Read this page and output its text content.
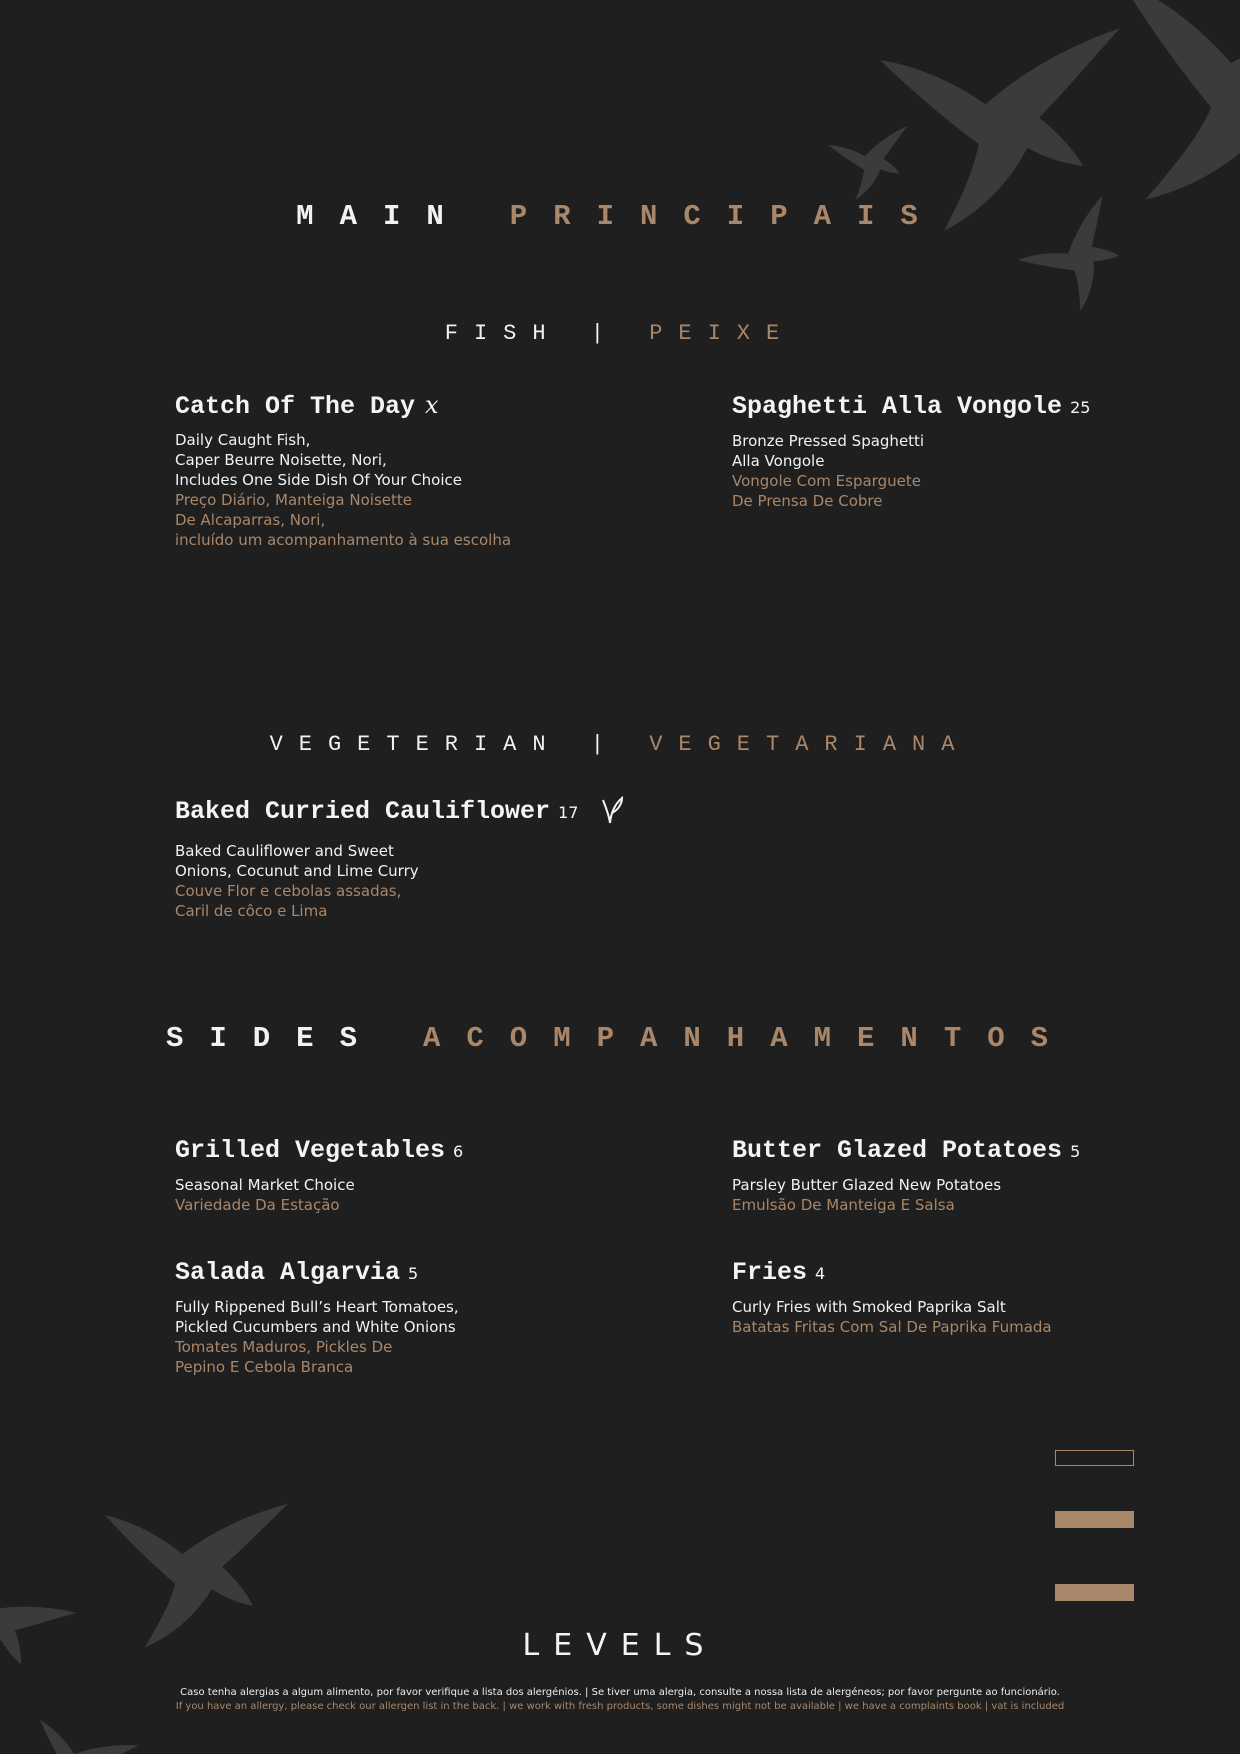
MAIN PRINCIPAIS
FISH | PEIXE
Catch Of The Day x
Daily Caught Fish,
Caper Beurre Noisette, Nori,
Includes One Side Dish Of Your Choice
Preço Diário, Manteiga Noisette
De Alcaparras, Nori,
incluído um acompanhamento à sua escolha
Spaghetti Alla Vongole 25
Bronze Pressed Spaghetti
Alla Vongole
Vongole Com Esparguete
De Prensa De Cobre
VEGETERIAN | VEGETARIANA
Baked Curried Cauliflower 17
Baked Cauliflower and Sweet
Onions, Cocunut and Lime Curry
Couve Flor e cebolas assadas,
Caril de côco e Lima
SIDES ACOMPANHAMENTOS
Grilled Vegetables 6
Seasonal Market Choice
Variedade Da Estação
Butter Glazed Potatoes 5
Parsley Butter Glazed New Potatoes
Emulsão De Manteiga E Salsa
Salada Algarvia 5
Fully Rippened Bull’s Heart Tomatoes,
Pickled Cucumbers and White Onions
Tomates Maduros, Pickles De
Pepino E Cebola Branca
Fries 4
Curly Fries with Smoked Paprika Salt
Batatas Fritas Com Sal De Paprika Fumada
LEVELS
Caso tenha alergias a algum alimento, por favor verifique a lista dos alergénios. | Se tiver uma alergia, consulte a nossa lista de alergéneos; por favor pergunte ao funcionário.
If you have an allergy, please check our allergen list in the back. | we work with fresh products, some dishes might not be available | we have a complaints book | vat is included
